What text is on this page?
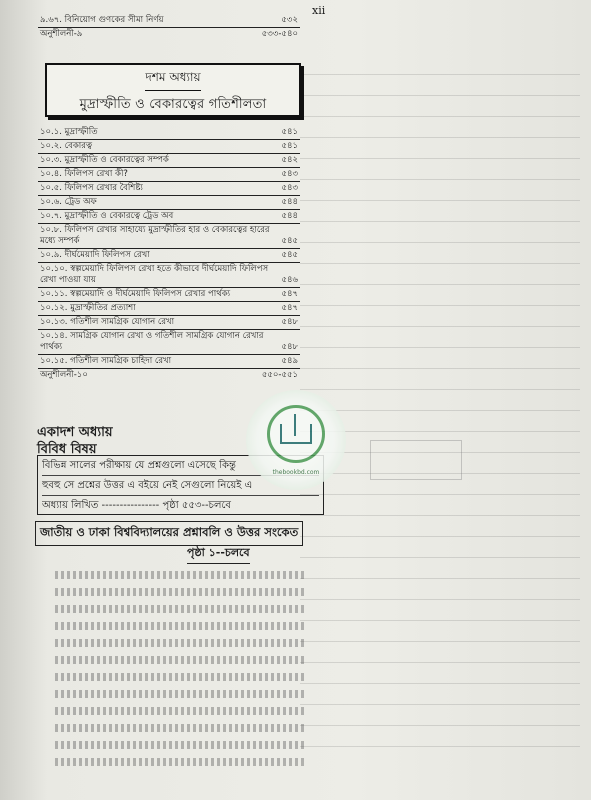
xii
৯.৬৭. বিনিয়োগ গুণকের সীমা নির্ণয়	৫৩২
অনুশীলনী-৯	৫৩৩-৫৪০
দশম অধ্যায়
মুদ্রাস্ফীতি ও বেকারত্বের গতিশীলতা
১০.১. মুদ্রাস্ফীতি	৫৪১
১০.২. বেকারত্ব	৫৪১
১০.৩. মুদ্রাস্ফীতি ও বেকারত্বের সম্পর্ক	৫৪২
১০.৪. ফিলিপস রেখা কী?	৫৪৩
১০.৫. ফিলিপস রেখার বৈশিষ্ট্য	৫৪৩
১০.৬. ট্রেড অফ	৫৪৪
১০.৭. মুদ্রাস্ফীতি ও বেকারত্বে ট্রেড অব	৫৪৪
১০.৮. ফিলিপস রেখার সাহায্যে মুদ্রাস্ফীতির হার ও বেকারত্বের হারের মধ্যে সম্পর্ক	৫৪৫
১০.৯. দীর্ঘমেয়াদি ফিলিপস রেখা	৫৪৫
১০.১০. স্বল্পমেয়াদি ফিলিপস রেখা হতে কীভাবে দীর্ঘমেয়াদি ফিলিপস রেখা পাওয়া যায়	৫৪৬
১০.১১. স্বল্পমেয়াদি ও দীর্ঘমেয়াদি ফিলিপস রেখার পার্থক্য	৫৪৭
১০.১২. মুদ্রাস্ফীতির প্রত্যাশা	৫৪৭
১০.১৩. গতিশীল সামগ্রিক যোগান রেখা	৫৪৮
১০.১৪. সামগ্রিক যোগান রেখা ও গতিশীল সামগ্রিক যোগান রেখার পার্থক্য	৫৪৮
১০.১৫. গতিশীল সামগ্রিক চাহিদা রেখা	৫৪৯
অনুশীলনী-১০	৫৫০-৫৫১
একাদশ অধ্যায়
বিবিধ বিষয়
বিভিন্ন সালের পরীক্ষায় যে প্রশ্নগুলো এসেছে কিন্তু
হুবহু সে প্রশ্নের উত্তর এ বইয়ে নেই সেগুলো নিয়েই এ
অধ্যায় লিখিত ---------------- পৃষ্ঠা ৫৫৩--চলবে
জাতীয় ও ঢাকা বিশ্ববিদ্যালয়ের প্রশ্নাবলি ও উত্তর সংকেত
পৃষ্ঠা ১--চলবে
thebookbd.com
